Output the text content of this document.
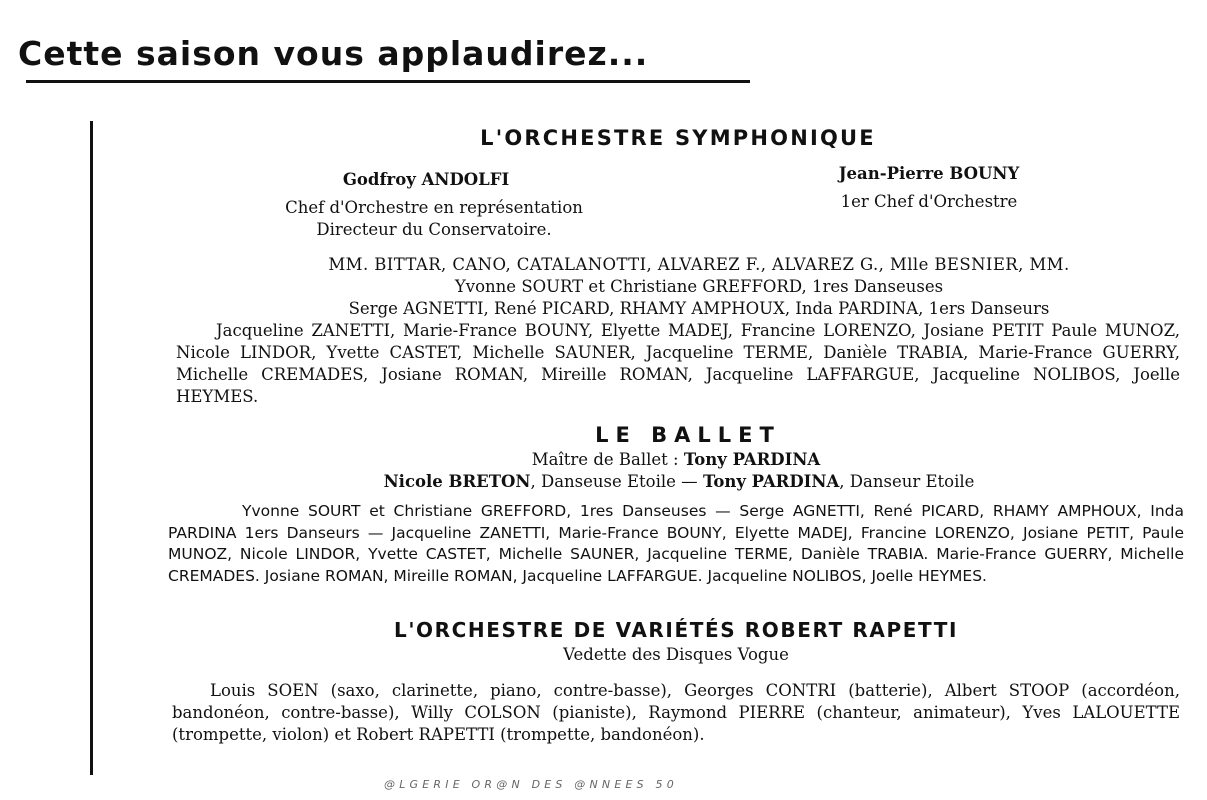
Cette saison vous applaudirez...
L'ORCHESTRE SYMPHONIQUE
Godfroy ANDOLFI
Chef d'Orchestre en représentation
Directeur du Conservatoire.
Jean-Pierre BOUNY
1er Chef d'Orchestre
MM. BITTAR, CANO, CATALANOTTI, ALVAREZ F., ALVAREZ G., Mlle BESNIER, MM.
Yvonne SOURT et Christiane GREFFORD, 1res Danseuses
Serge AGNETTI, René PICARD, RHAMY AMPHOUX, Inda PARDINA, 1ers Danseurs
Jacqueline ZANETTI, Marie-France BOUNY, Elyette MADEJ, Francine LORENZO, Josiane PETIT Paule MUNOZ, Nicole LINDOR, Yvette CASTET, Michelle SAUNER, Jacqueline TERME, Danièle TRABIA, Marie-France GUERRY, Michelle CREMADES, Josiane ROMAN, Mireille ROMAN, Jacqueline LAFFARGUE, Jacqueline NOLIBOS, Joelle HEYMES.
LE BALLET
Maître de Ballet : Tony PARDINA
Nicole BRETON, Danseuse Etoile — Tony PARDINA, Danseur Etoile
Yvonne SOURT et Christiane GREFFORD, 1res Danseuses — Serge AGNETTI, René PICARD, RHAMY AMPHOUX, Inda PARDINA 1ers Danseurs — Jacqueline ZANETTI, Marie-France BOUNY, Elyette MADEJ, Francine LORENZO, Josiane PETIT, Paule MUNOZ, Nicole LINDOR, Yvette CASTET, Michelle SAUNER, Jacqueline TERME, Danièle TRABIA. Marie-France GUERRY, Michelle CREMADES. Josiane ROMAN, Mireille ROMAN, Jacqueline LAFFARGUE. Jacqueline NOLIBOS, Joelle HEYMES.
L'ORCHESTRE DE VARIÉTÉS ROBERT RAPETTI
Vedette des Disques Vogue
Louis SOEN (saxo, clarinette, piano, contre-basse), Georges CONTRI (batterie), Albert STOOP (accordéon, bandonéon, contre-basse), Willy COLSON (pianiste), Raymond PIERRE (chanteur, animateur), Yves LALOUETTE (trompette, violon) et Robert RAPETTI (trompette, bandonéon).
@LGERIE OR@N DES @NNEES 50
